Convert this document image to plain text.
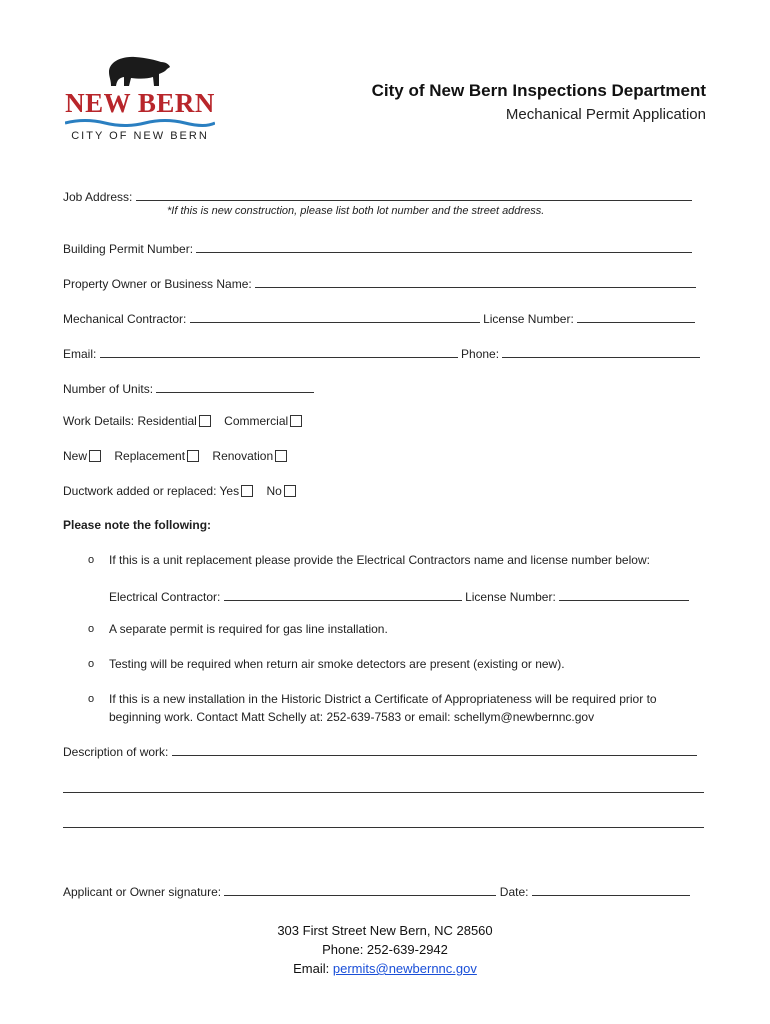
NEW BERN
CITY OF NEW BERN
City of New Bern Inspections Department
Mechanical Permit Application
Job Address:
*If this is new construction, please list both lot number and the street address.
Building Permit Number:
Property Owner or Business Name:
Mechanical Contractor:	License Number:
Email:	Phone:
Number of Units:
Work Details: Residential Commercial
New Replacement Renovation
Ductwork added or replaced: Yes No
Please note the following:
o If this is a unit replacement please provide the Electrical Contractors name and license number below:
Electrical Contractor:	License Number:
o A separate permit is required for gas line installation.
o Testing will be required when return air smoke detectors are present (existing or new).
o If this is a new installation in the Historic District a Certificate of Appropriateness will be required prior to
beginning work. Contact Matt Schelly at: 252-639-7583 or email: schellym@newbernnc.gov
Description of work:
Applicant or Owner signature:	Date:
303 First Street New Bern, NC 28560
Phone: 252-639-2942
Email: permits@newbernnc.gov
